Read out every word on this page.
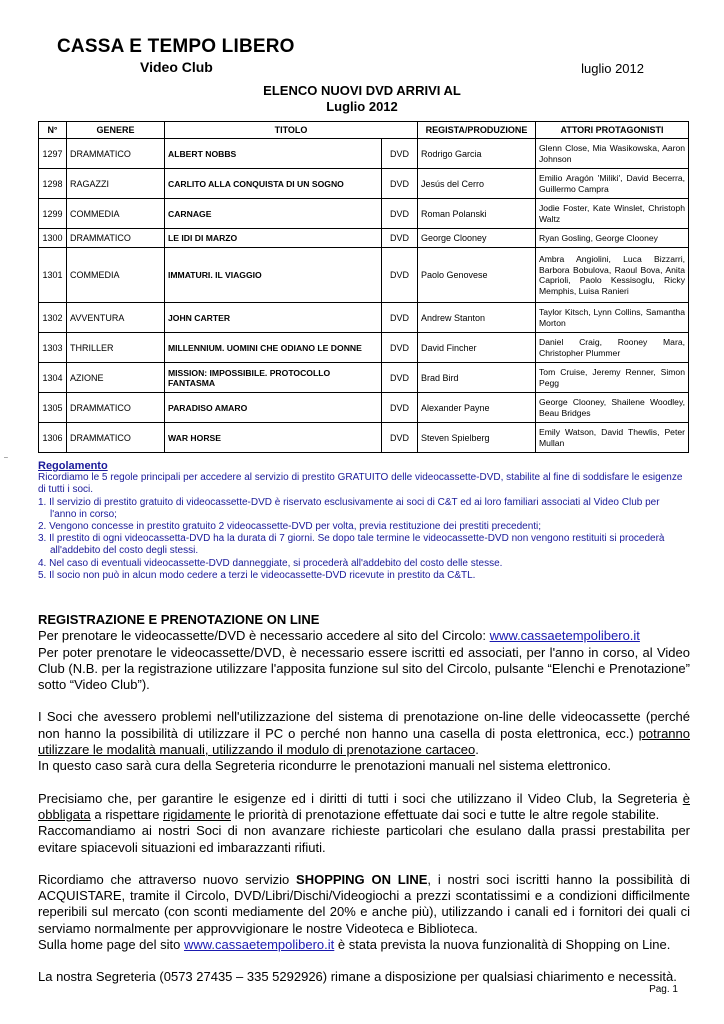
CASSA E TEMPO LIBERO
Video Club	luglio 2012
ELENCO NUOVI DVD ARRIVI AL
Luglio 2012
N°	GENERE	TITOLO		REGISTA/PRODUZIONE	ATTORI PROTAGONISTI
1297	DRAMMATICO	ALBERT NOBBS	DVD	Rodrigo Garcia	Glenn Close, Mia Wasikowska, Aaron Johnson
1298	RAGAZZI	CARLITO ALLA CONQUISTA DI UN SOGNO	DVD	Jesús del Cerro	Emilio Aragón 'Miliki', David Becerra, Guillermo Campra
1299	COMMEDIA	CARNAGE	DVD	Roman Polanski	Jodie Foster, Kate Winslet, Christoph Waltz
1300	DRAMMATICO	LE IDI DI MARZO	DVD	George Clooney	Ryan Gosling, George Clooney
1301	COMMEDIA	IMMATURI. IL VIAGGIO	DVD	Paolo Genovese	Ambra Angiolini, Luca Bizzarri, Barbora Bobulova, Raoul Bova, Anita Caprioli, Paolo Kessisoglu, Ricky Memphis, Luisa Ranieri
1302	AVVENTURA	JOHN CARTER	DVD	Andrew Stanton	Taylor Kitsch, Lynn Collins, Samantha Morton
1303	THRILLER	MILLENNIUM. UOMINI CHE ODIANO LE DONNE	DVD	David Fincher	Daniel Craig, Rooney Mara, Christopher Plummer
1304	AZIONE	MISSION: IMPOSSIBILE. PROTOCOLLO FANTASMA	DVD	Brad Bird	Tom Cruise, Jeremy Renner, Simon Pegg
1305	DRAMMATICO	PARADISO AMARO	DVD	Alexander Payne	George Clooney, Shailene Woodley, Beau Bridges
1306	DRAMMATICO	WAR HORSE	DVD	Steven Spielberg	Emily Watson, David Thewlis, Peter Mullan
–
Regolamento
Ricordiamo le 5 regole principali per accedere al servizio di prestito GRATUITO delle videocassette-DVD, stabilite al fine di soddisfare le esigenze di tutti i soci.
1. Il servizio di prestito gratuito di videocassette-DVD è riservato esclusivamente ai soci di C&T ed ai loro familiari associati al Video Club per l'anno in corso;
2. Vengono concesse in prestito gratuito 2 videocassette-DVD per volta, previa restituzione dei prestiti precedenti;
3. Il prestito di ogni videocassetta-DVD ha la durata di 7 giorni. Se dopo tale termine le videocassette-DVD non vengono restituiti si procederà all'addebito del costo degli stessi.
4. Nel caso di eventuali videocassette-DVD danneggiate, si procederà all'addebito del costo delle stesse.
5. Il socio non può in alcun modo cedere a terzi le videocassette-DVD ricevute in prestito da C&TL.
REGISTRAZIONE E PRENOTAZIONE ON LINE

Per prenotare le videocassette/DVD è necessario accedere al sito del Circolo: www.cassaetempolibero.it
Per poter prenotare le videocassette/DVD, è necessario essere iscritti ed associati, per l'anno in corso, al Video Club (N.B. per la registrazione utilizzare l'apposita funzione sul sito del Circolo, pulsante “Elenchi e Prenotazione” sotto “Video Club”).

I Soci che avessero problemi nell'utilizzazione del sistema di prenotazione on-line delle videocassette (perché non hanno la possibilità di utilizzare il PC o perché non hanno una casella di posta elettronica, ecc.) potranno utilizzare le modalità manuali, utilizzando il modulo di prenotazione cartaceo.
In questo caso sarà cura della Segreteria ricondurre le prenotazioni manuali nel sistema elettronico.

Precisiamo che, per garantire le esigenze ed i diritti di tutti i soci che utilizzano il Video Club, la Segreteria è obbligata a rispettare rigidamente le priorità di prenotazione effettuate dai soci e tutte le altre regole stabilite.
Raccomandiamo ai nostri Soci di non avanzare richieste particolari che esulano dalla prassi prestabilita per evitare spiacevoli situazioni ed imbarazzanti rifiuti.

Ricordiamo che attraverso nuovo servizio SHOPPING ON LINE, i nostri soci iscritti hanno la possibilità di ACQUISTARE, tramite il Circolo, DVD/Libri/Dischi/Videogiochi a prezzi scontatissimi e a condizioni difficilmente reperibili sul mercato (con sconti mediamente del 20% e anche più), utilizzando i canali ed i fornitori dei quali ci serviamo normalmente per approvvigionare le nostre Videoteca e Biblioteca.
Sulla home page del sito www.cassaetempolibero.it è stata prevista la nuova funzionalità di Shopping on Line.

La nostra Segreteria (0573 27435 – 335 5292926) rimane a disposizione per qualsiasi chiarimento e necessità.

Pag. 1
